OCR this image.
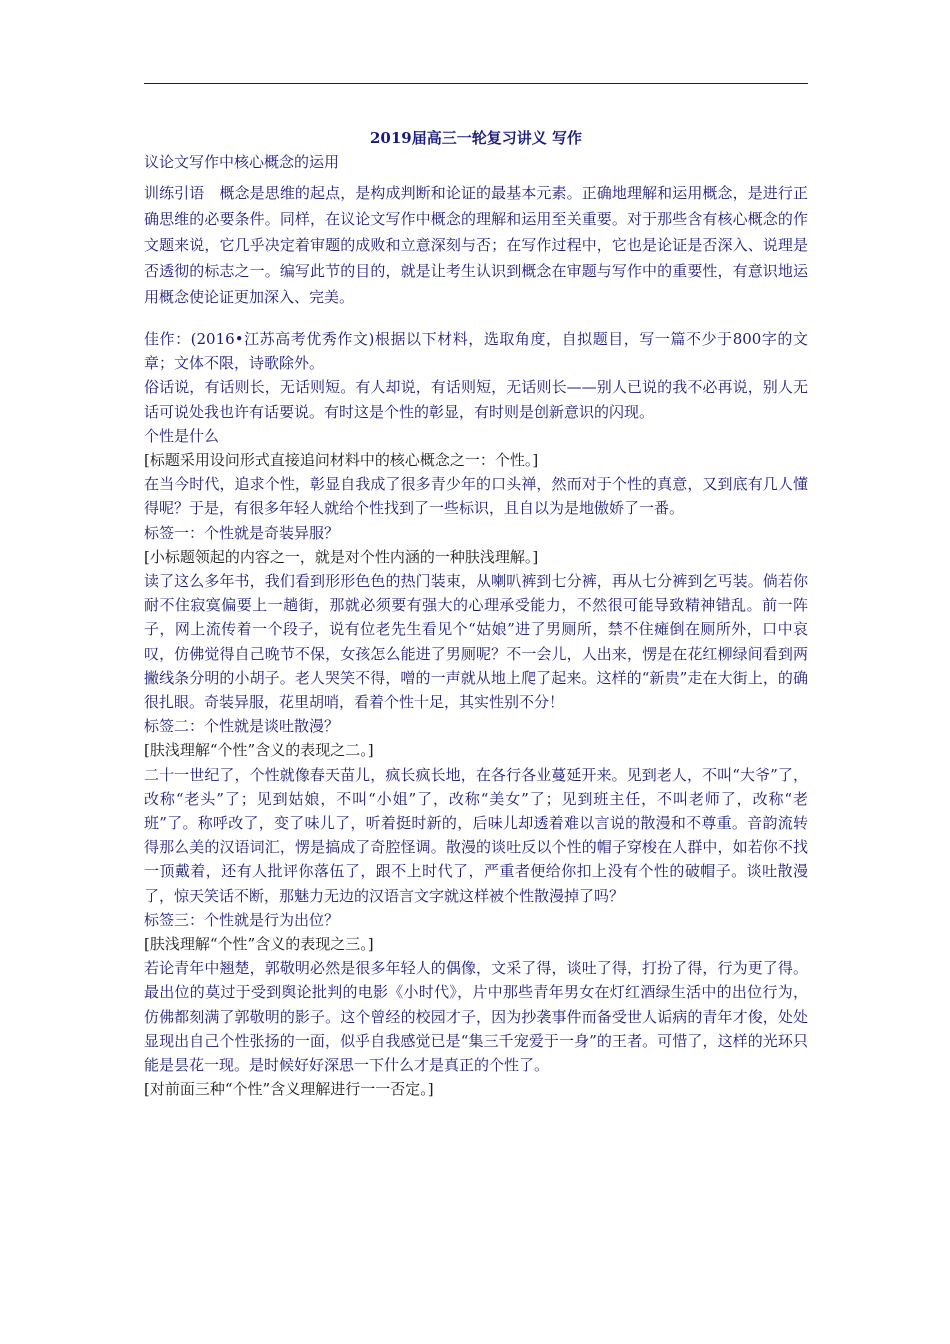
2019届高三一轮复习讲义 写作
议论文写作中核心概念的运用

训练引语　概念是思维的起点，是构成判断和论证的最基本元素。正确地理解和运用概念，是进行正确思维的必要条件。同样，在议论文写作中概念的理解和运用至关重要。对于那些含有核心概念的作文题来说，它几乎决定着审题的成败和立意深刻与否；在写作过程中，它也是论证是否深入、说理是否透彻的标志之一。编写此节的目的，就是让考生认识到概念在审题与写作中的重要性，有意识地运用概念使论证更加深入、完美。

佳作：(2016•江苏高考优秀作文)根据以下材料，选取角度，自拟题目，写一篇不少于800字的文章；文体不限，诗歌除外。

俗话说，有话则长，无话则短。有人却说，有话则短，无话则长——别人已说的我不必再说，别人无话可说处我也许有话要说。有时这是个性的彰显，有时则是创新意识的闪现。

个性是什么

[标题采用设问形式直接追问材料中的核心概念之一：个性。]

在当今时代，追求个性，彰显自我成了很多青少年的口头禅，然而对于个性的真意，又到底有几人懂得呢？于是，有很多年轻人就给个性找到了一些标识，且自以为是地傲娇了一番。

标签一：个性就是奇装异服？

[小标题领起的内容之一，就是对个性内涵的一种肤浅理解。]

读了这么多年书，我们看到形形色色的热门装束，从喇叭裤到七分裤，再从七分裤到乞丐装。倘若你耐不住寂寞偏要上一趟街，那就必须要有强大的心理承受能力，不然很可能导致精神错乱。前一阵子，网上流传着一个段子，说有位老先生看见个“姑娘”进了男厕所，禁不住瘫倒在厕所外，口中哀叹，仿佛觉得自己晚节不保，女孩怎么能进了男厕呢？不一会儿，人出来，愣是在花红柳绿间看到两撇线条分明的小胡子。老人哭笑不得，噌的一声就从地上爬了起来。这样的“新贵”走在大街上，的确很扎眼。奇装异服，花里胡哨，看着个性十足，其实性别不分！

标签二：个性就是谈吐散漫？

[肤浅理解“个性”含义的表现之二。]

二十一世纪了，个性就像春天苗儿，疯长疯长地，在各行各业蔓延开来。见到老人，不叫“大爷”了，改称“老头”了；见到姑娘，不叫“小姐”了，改称“美女”了；见到班主任，不叫老师了，改称“老班”了。称呼改了，变了味儿了，听着挺时新的，后味儿却透着难以言说的散漫和不尊重。音韵流转得那么美的汉语词汇，愣是搞成了奇腔怪调。散漫的谈吐反以个性的帽子穿梭在人群中，如若你不找一顶戴着，还有人批评你落伍了，跟不上时代了，严重者便给你扣上没有个性的破帽子。谈吐散漫了，惊天笑话不断，那魅力无边的汉语言文字就这样被个性散漫掉了吗？

标签三：个性就是行为出位？

[肤浅理解“个性”含义的表现之三。]

若论青年中翘楚，郭敬明必然是很多年轻人的偶像，文采了得，谈吐了得，打扮了得，行为更了得。最出位的莫过于受到舆论批判的电影《小时代》，片中那些青年男女在灯红酒绿生活中的出位行为，仿佛都刻满了郭敬明的影子。这个曾经的校园才子，因为抄袭事件而备受世人诟病的青年才俊，处处显现出自己个性张扬的一面，似乎自我感觉已是“集三千宠爱于一身”的王者。可惜了，这样的光环只能是昙花一现。是时候好好深思一下什么才是真正的个性了。

[对前面三种“个性”含义理解进行一一否定。]
